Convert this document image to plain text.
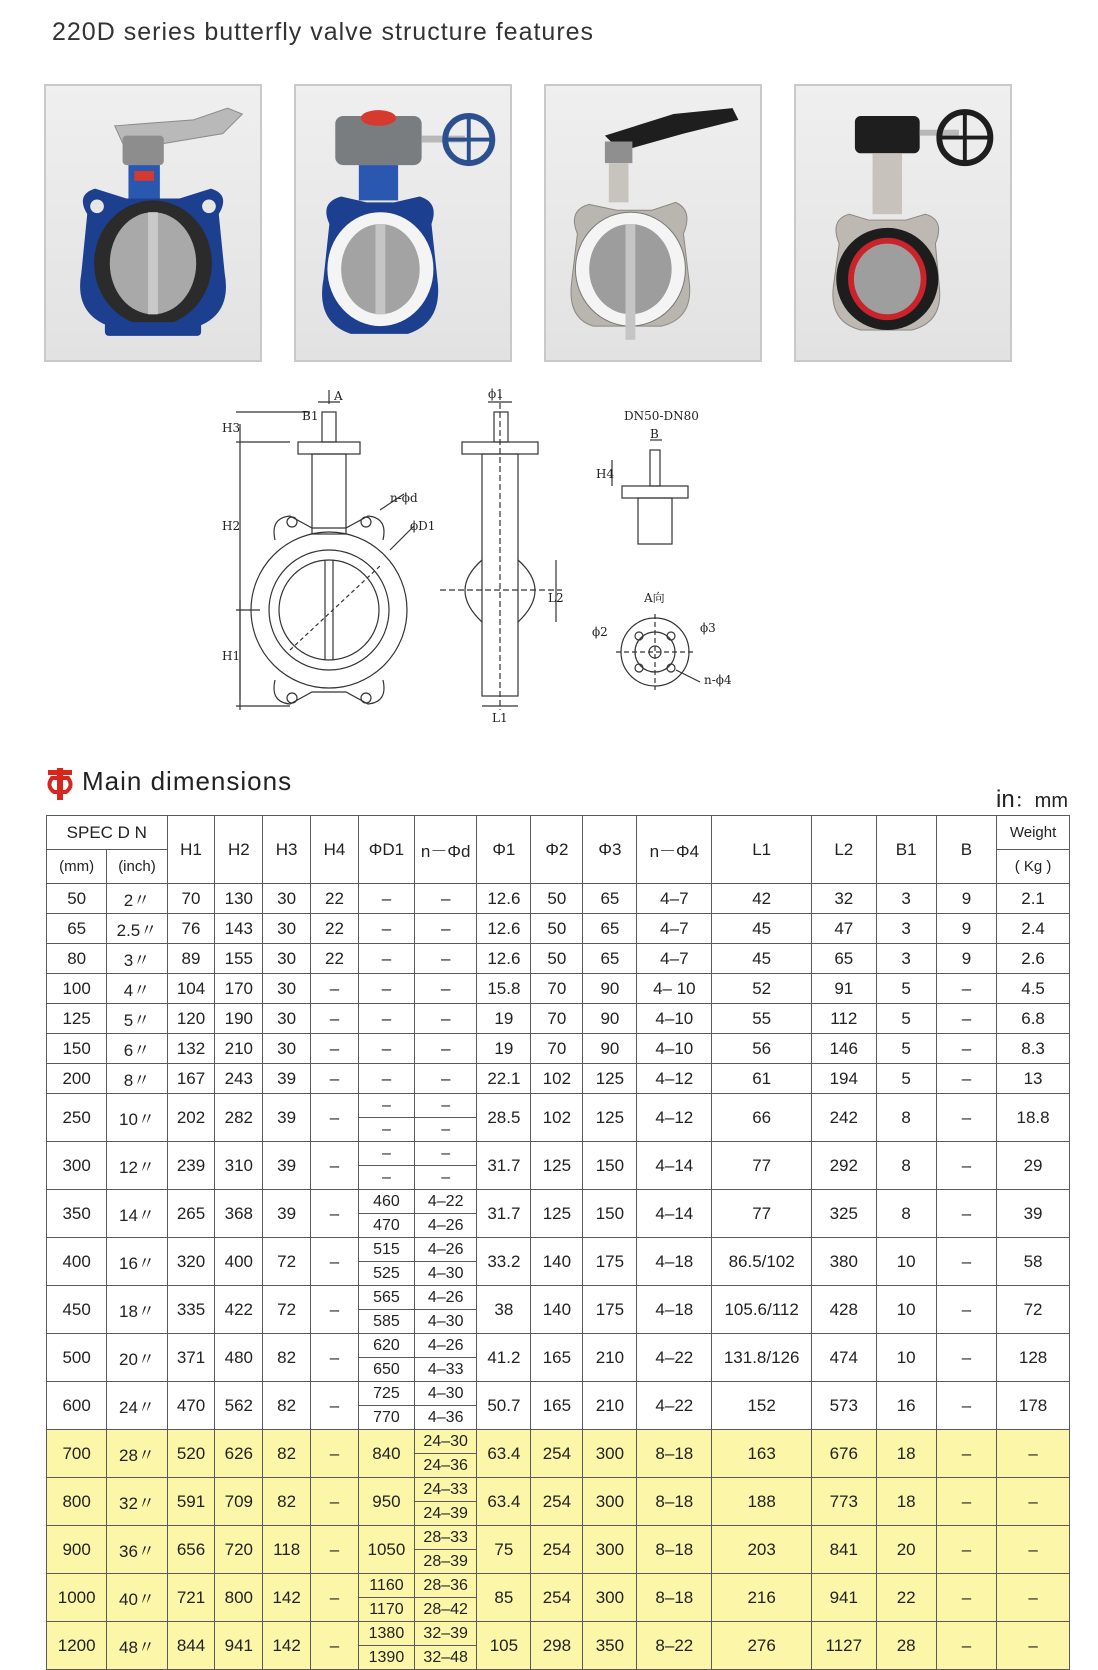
220D series butterfly valve structure features
A
B1
H3
H2
H1
n-ϕd
ϕD1
ϕ1
L2
L1
DN50-DN80
B
H4
A向
ϕ2	ϕ3
n-ϕ4
Main dimensions
in：mm
SPEC D N		H1	H2	H3	H4	ΦD1	n－Φd	Φ1	Φ2	Φ3	n－Φ4	L1	L2	B1	B	Weight
(mm)	(inch)															( Kg )
50	2〃	70	130	30	22	–	–	12.6	50	65	4–7	42	32	3	9	2.1
65	2.5〃	76	143	30	22	–	–	12.6	50	65	4–7	45	47	3	9	2.4
80	3〃	89	155	30	22	–	–	12.6	50	65	4–7	45	65	3	9	2.6
100	4〃	104	170	30	–	–	–	15.8	70	90	4– 10	52	91	5	–	4.5
125	5〃	120	190	30	–	–	–	19	70	90	4–10	55	112	5	–	6.8
150	6〃	132	210	30	–	–	–	19	70	90	4–10	56	146	5	–	8.3
200	8〃	167	243	39	–	–	–	22.1	102	125	4–12	61	194	5	–	13
250	10〃	202	282	39	–	–	–	28.5	102	125	4–12	66	242	8	–	18.8
						–	–									
300	12〃	239	310	39	–	–	–	31.7	125	150	4–14	77	292	8	–	29
						–	–									
350	14〃	265	368	39	–	460	4–22	31.7	125	150	4–14	77	325	8	–	39
						470	4–26									
400	16〃	320	400	72	–	515	4–26	33.2	140	175	4–18	86.5/102	380	10	–	58
						525	4–30									
450	18〃	335	422	72	–	565	4–26	38	140	175	4–18	105.6/112	428	10	–	72
						585	4–30									
500	20〃	371	480	82	–	620	4–26	41.2	165	210	4–22	131.8/126	474	10	–	128
						650	4–33									
600	24〃	470	562	82	–	725	4–30	50.7	165	210	4–22	152	573	16	–	178
						770	4–36									
700	28〃	520	626	82	–	840	24–30	63.4	254	300	8–18	163	676	18	–	–
							24–36									
800	32〃	591	709	82	–	950	24–33	63.4	254	300	8–18	188	773	18	–	–
							24–39									
900	36〃	656	720	118	–	1050	28–33	75	254	300	8–18	203	841	20	–	–
							28–39									
1000	40〃	721	800	142	–	1160	28–36	85	254	300	8–18	216	941	22	–	–
						1170	28–42									
1200	48〃	844	941	142	–	1380	32–39	105	298	350	8–22	276	1127	28	–	–
						1390	32–48									
